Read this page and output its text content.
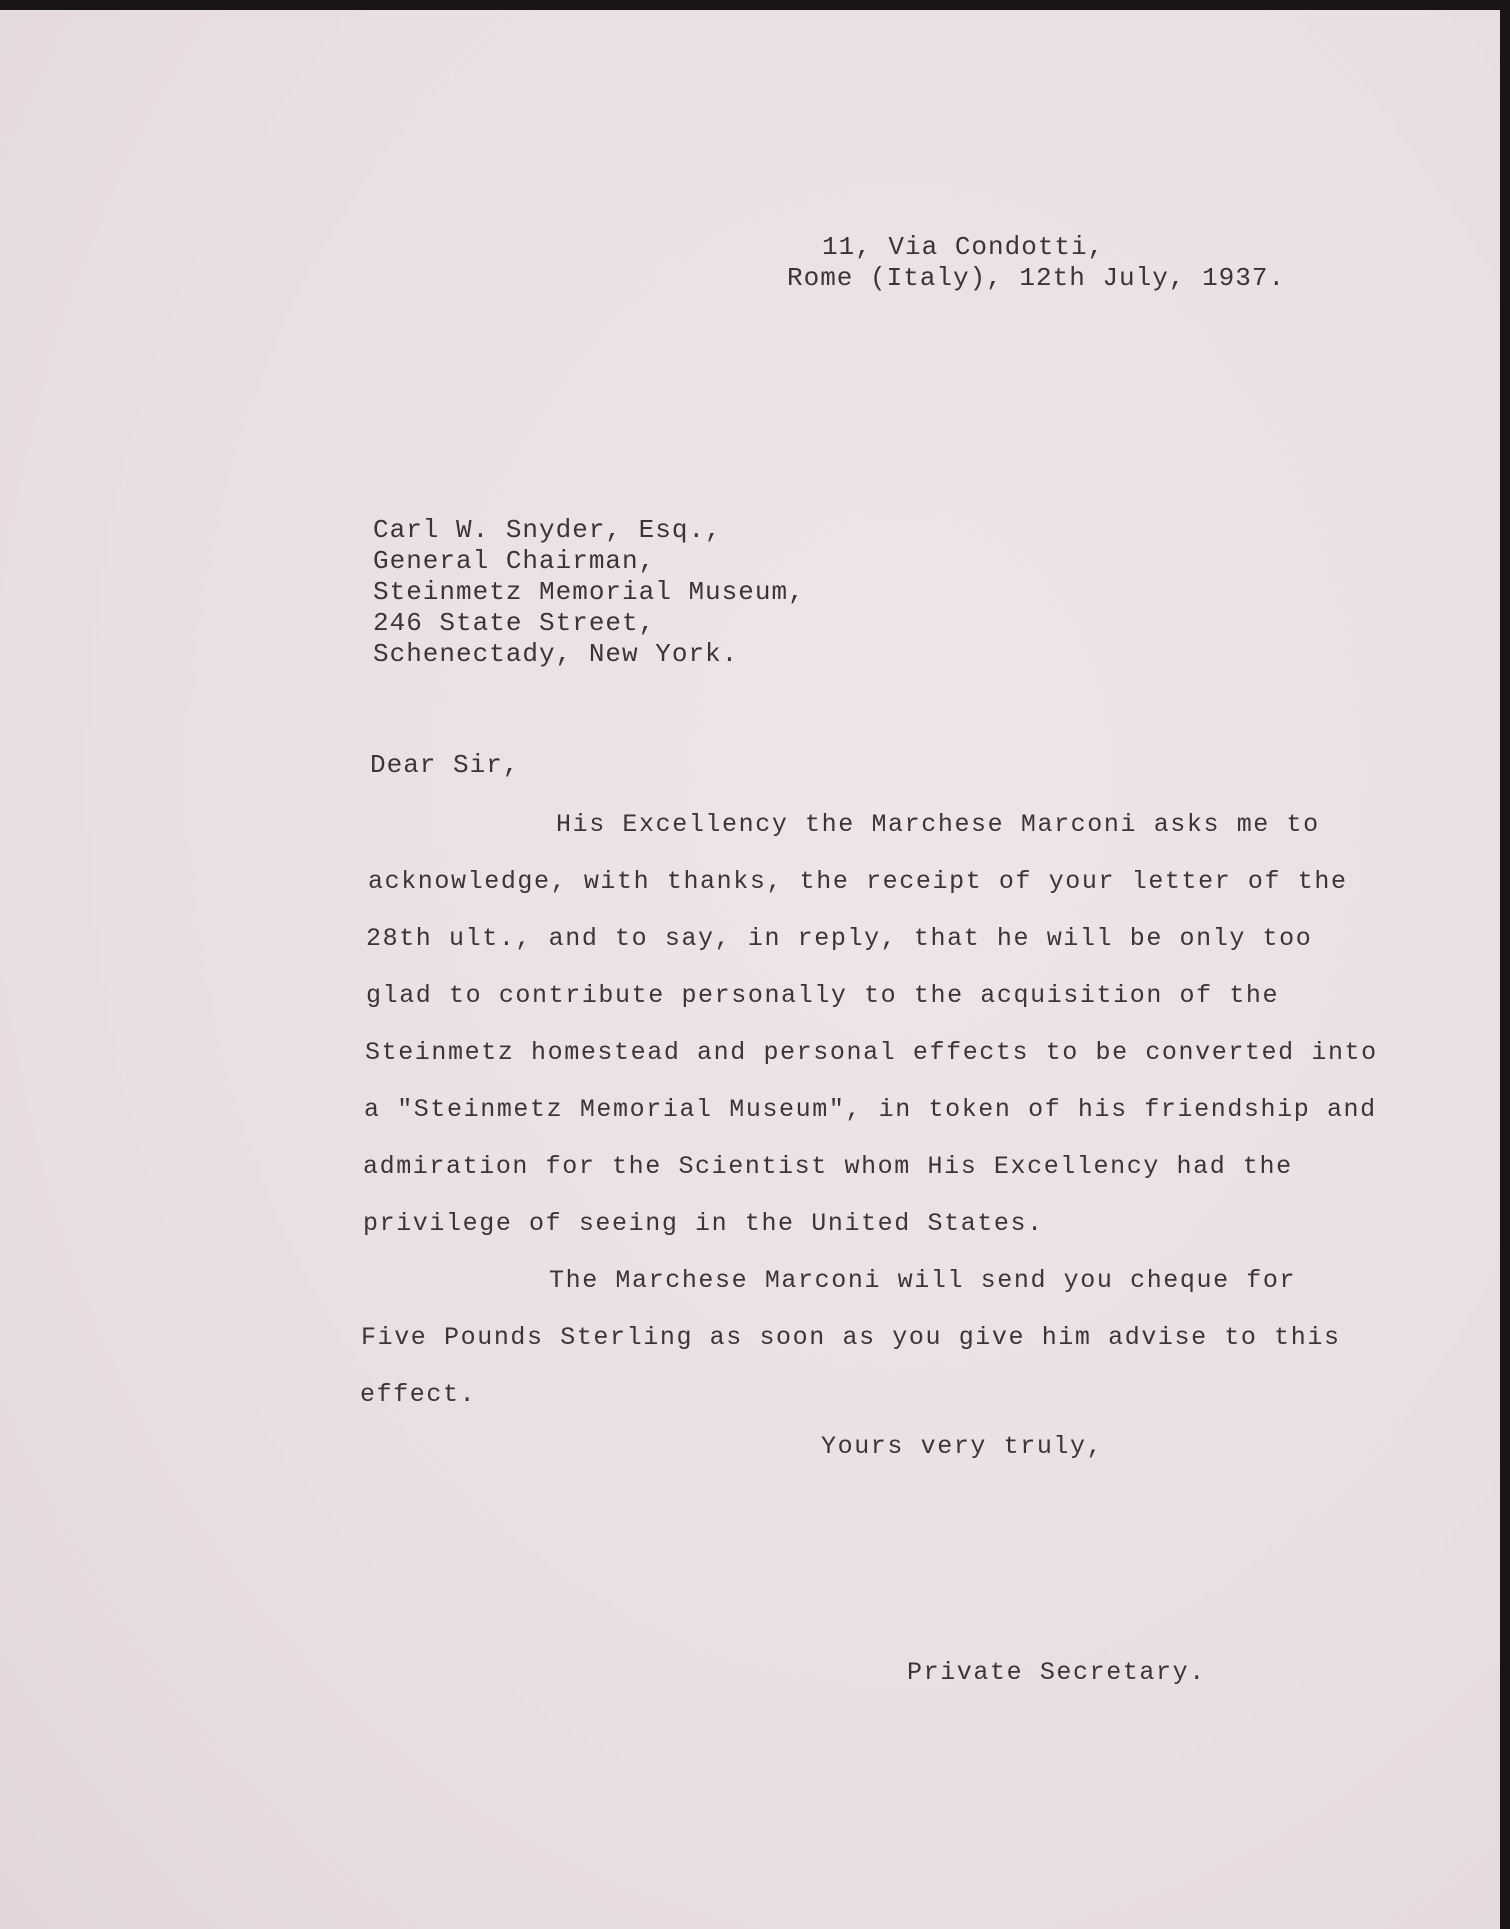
11, Via Condotti,

Rome (Italy), 12th July, 1937.

Carl W. Snyder, Esq.,

General Chairman,

Steinmetz Memorial Museum,

246 State Street,

Schenectady, New York.

Dear Sir,

His Excellency the Marchese Marconi asks me to

acknowledge, with thanks, the receipt of your letter of the

28th ult., and to say, in reply, that he will be only too

glad to contribute personally to the acquisition of the

Steinmetz homestead and personal effects to be converted into

a "Steinmetz Memorial Museum", in token of his friendship and

admiration for the Scientist whom His Excellency had the

privilege of seeing in the United States.

The Marchese Marconi will send you cheque for

Five Pounds Sterling as soon as you give him advise to this

effect.

Yours very truly,

Private Secretary.
